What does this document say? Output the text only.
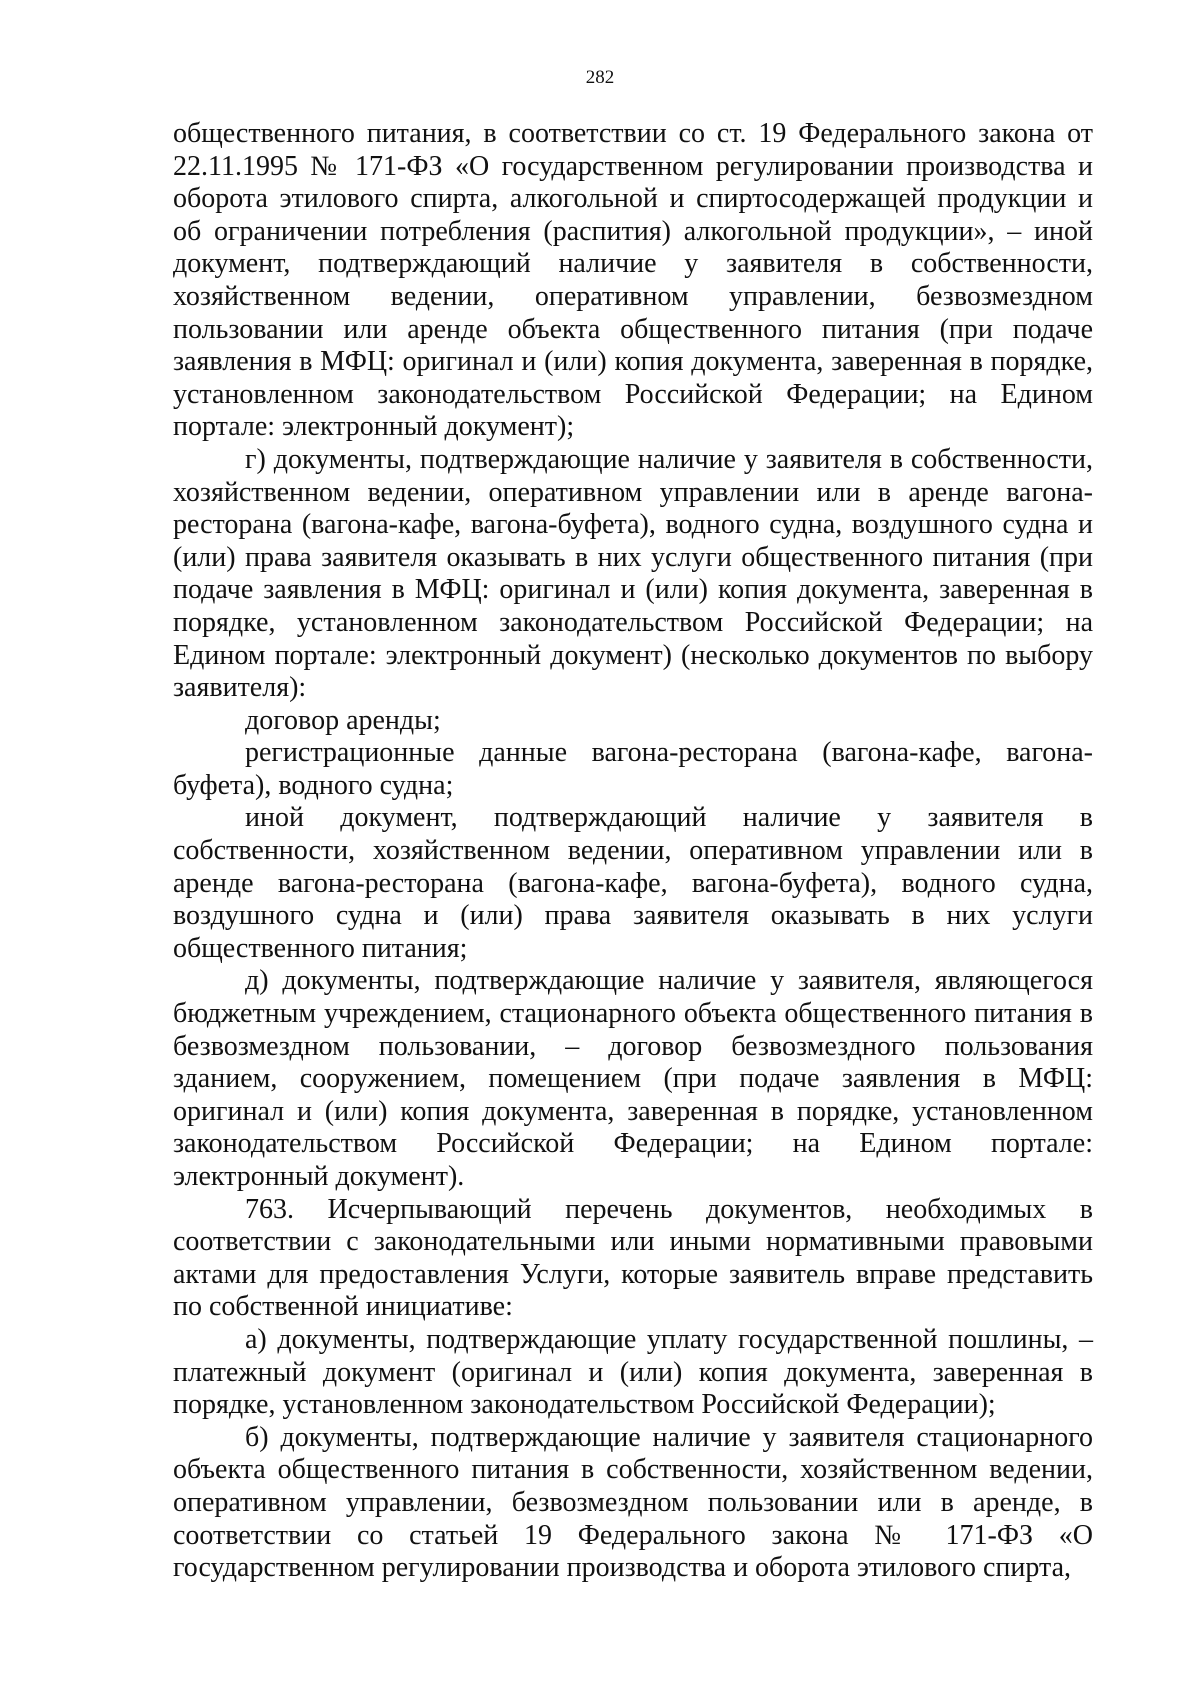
282

общественного питания, в соответствии со ст. 19 Федерального закона от 22.11.1995 № 171-ФЗ «О государственном регулировании производства и оборота этилового спирта, алкогольной и спиртосодержащей продукции и об ограничении потребления (распития) алкогольной продукции», – иной документ, подтверждающий наличие у заявителя в собственности, хозяйственном ведении, оперативном управлении, безвозмездном пользовании или аренде объекта общественного питания (при подаче заявления в МФЦ: оригинал и (или) копия документа, заверенная в порядке, установленном законодательством Российской Федерации; на Едином портале: электронный документ);

г) документы, подтверждающие наличие у заявителя в собственности, хозяйственном ведении, оперативном управлении или в аренде вагона-ресторана (вагона-кафе, вагона-буфета), водного судна, воздушного судна и (или) права заявителя оказывать в них услуги общественного питания (при подаче заявления в МФЦ: оригинал и (или) копия документа, заверенная в порядке, установленном законодательством Российской Федерации; на Едином портале: электронный документ) (несколько документов по выбору заявителя):

договор аренды;

регистрационные данные вагона-ресторана (вагона-кафе, вагона-буфета), водного судна;

иной документ, подтверждающий наличие у заявителя в собственности, хозяйственном ведении, оперативном управлении или в аренде вагона-ресторана (вагона-кафе, вагона-буфета), водного судна, воздушного судна и (или) права заявителя оказывать в них услуги общественного питания;

д) документы, подтверждающие наличие у заявителя, являющегося бюджетным учреждением, стационарного объекта общественного питания в безвозмездном пользовании, – договор безвозмездного пользования зданием, сооружением, помещением (при подаче заявления в МФЦ: оригинал и (или) копия документа, заверенная в порядке, установленном законодательством Российской Федерации; на Едином портале: электронный документ).

763. Исчерпывающий перечень документов, необходимых в соответствии с законодательными или иными нормативными правовыми актами для предоставления Услуги, которые заявитель вправе представить по собственной инициативе:

а) документы, подтверждающие уплату государственной пошлины, – платежный документ (оригинал и (или) копия документа, заверенная в порядке, установленном законодательством Российской Федерации);

б) документы, подтверждающие наличие у заявителя стационарного объекта общественного питания в собственности, хозяйственном ведении, оперативном управлении, безвозмездном пользовании или в аренде, в соответствии со статьей 19 Федерального закона № 171-ФЗ «О государственном регулировании производства и оборота этилового спирта,
